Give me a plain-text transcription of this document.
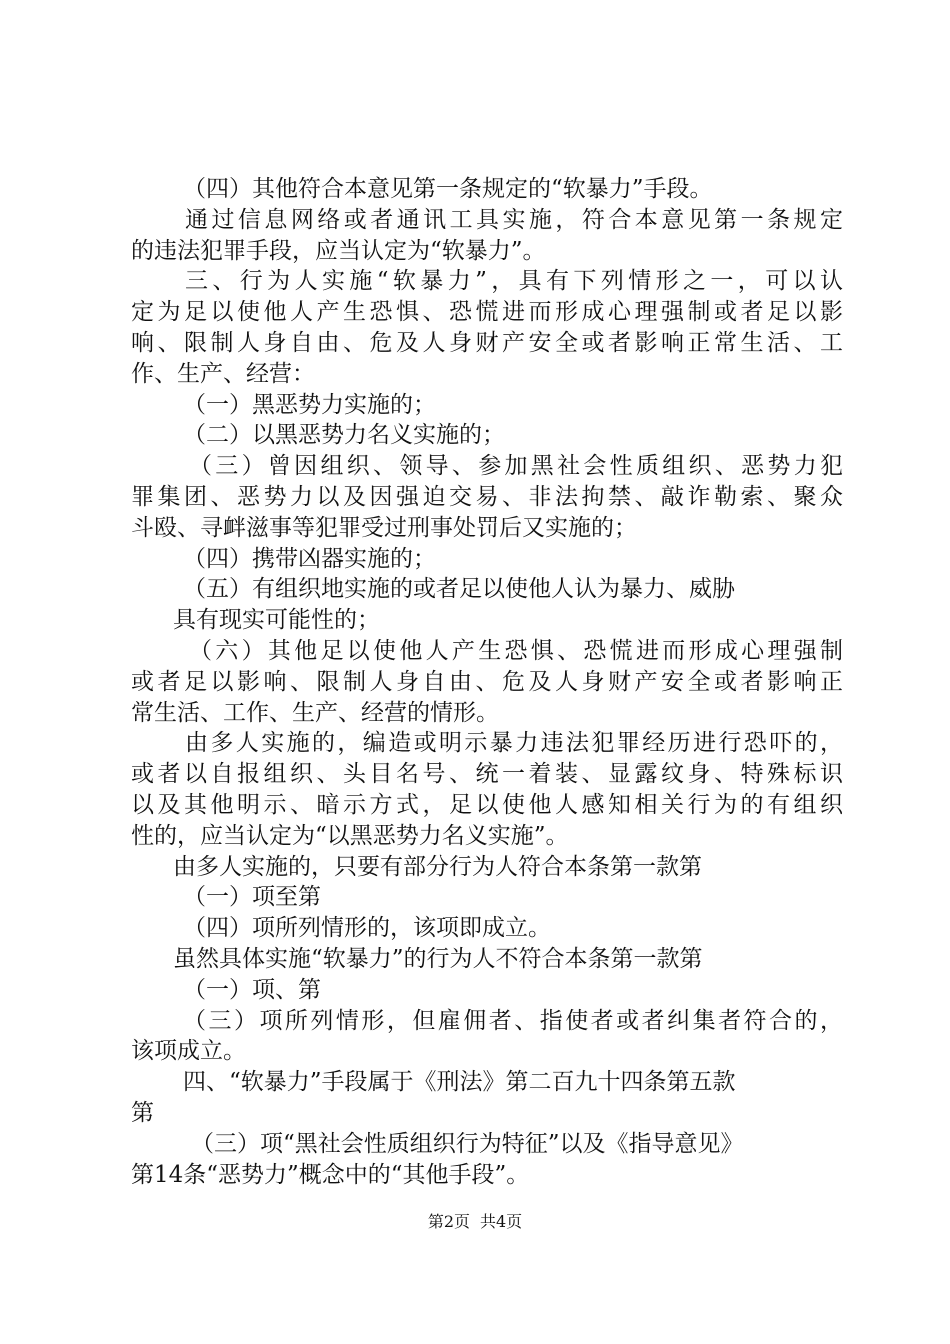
（四）其他符合本意见第一条规定的“软暴力”手段。
通过信息网络或者通讯工具实施，符合本意见第一条规定
的违法犯罪手段，应当认定为“软暴力”。
三、行为人实施“软暴力”，具有下列情形之一，可以认
定为足以使他人产生恐惧、恐慌进而形成心理强制或者足以影
响、限制人身自由、危及人身财产安全或者影响正常生活、工
作、生产、经营：
（一）黑恶势力实施的；
（二）以黑恶势力名义实施的；
（三）曾因组织、领导、参加黑社会性质组织、恶势力犯
罪集团、恶势力以及因强迫交易、非法拘禁、敲诈勒索、聚众
斗殴、寻衅滋事等犯罪受过刑事处罚后又实施的；
（四）携带凶器实施的；
（五）有组织地实施的或者足以使他人认为暴力、威胁
具有现实可能性的；
（六）其他足以使他人产生恐惧、恐慌进而形成心理强制
或者足以影响、限制人身自由、危及人身财产安全或者影响正
常生活、工作、生产、经营的情形。
由多人实施的，编造或明示暴力违法犯罪经历进行恐吓的，
或者以自报组织、头目名号、统一着装、显露纹身、特殊标识
以及其他明示、暗示方式，足以使他人感知相关行为的有组织
性的，应当认定为“以黑恶势力名义实施”。
由多人实施的，只要有部分行为人符合本条第一款第
（一）项至第
（四）项所列情形的，该项即成立。
虽然具体实施“软暴力”的行为人不符合本条第一款第
（一）项、第
（三）项所列情形，但雇佣者、指使者或者纠集者符合的，
该项成立。
四、“软暴力”手段属于《刑法》第二百九十四条第五款
第
（三）项“黑社会性质组织行为特征”以及《指导意见》
第14条“恶势力”概念中的“其他手段”。
第2页 共4页
